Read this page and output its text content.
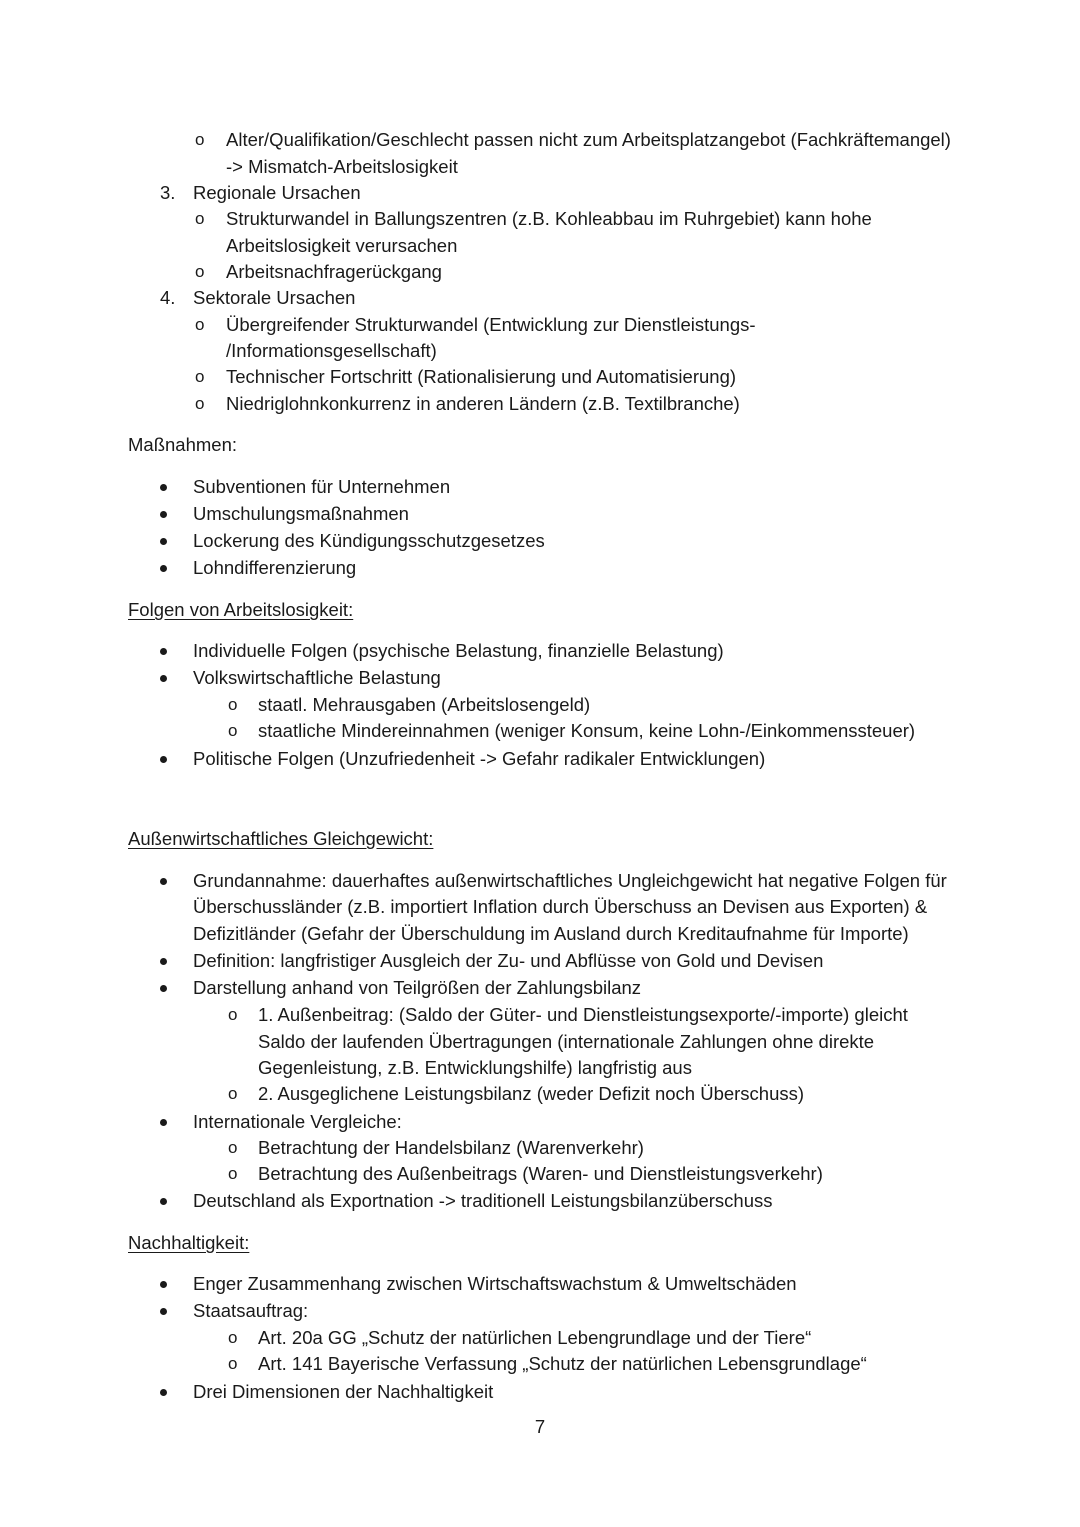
o Alter/Qualifikation/Geschlecht passen nicht zum Arbeitsplatzangebot (Fachkräftemangel)
-> Mismatch-Arbeitslosigkeit
3. Regionale Ursachen
o Strukturwandel in Ballungszentren (z.B. Kohleabbau im Ruhrgebiet) kann hohe
Arbeitslosigkeit verursachen
o Arbeitsnachfragerückgang
4. Sektorale Ursachen
o Übergreifender Strukturwandel (Entwicklung zur Dienstleistungs-
/Informationsgesellschaft)
o Technischer Fortschritt (Rationalisierung und Automatisierung)
o Niedriglohnkonkurrenz in anderen Ländern (z.B. Textilbranche)
Maßnahmen:
Subventionen für Unternehmen
Umschulungsmaßnahmen
Lockerung des Kündigungsschutzgesetzes
Lohndifferenzierung
Folgen von Arbeitslosigkeit:
Individuelle Folgen (psychische Belastung, finanzielle Belastung)
Volkswirtschaftliche Belastung
o staatl. Mehrausgaben (Arbeitslosengeld)
o staatliche Mindereinnahmen (weniger Konsum, keine Lohn-/Einkommenssteuer)
Politische Folgen (Unzufriedenheit -> Gefahr radikaler Entwicklungen)
Außenwirtschaftliches Gleichgewicht:
Grundannahme: dauerhaftes außenwirtschaftliches Ungleichgewicht hat negative Folgen für
Überschussländer (z.B. importiert Inflation durch Überschuss an Devisen aus Exporten) &
Defizitländer (Gefahr der Überschuldung im Ausland durch Kreditaufnahme für Importe)
Definition: langfristiger Ausgleich der Zu- und Abflüsse von Gold und Devisen
Darstellung anhand von Teilgrößen der Zahlungsbilanz
o 1. Außenbeitrag: (Saldo der Güter- und Dienstleistungsexporte/-importe) gleicht
Saldo der laufenden Übertragungen (internationale Zahlungen ohne direkte
Gegenleistung, z.B. Entwicklungshilfe) langfristig aus
o 2. Ausgeglichene Leistungsbilanz (weder Defizit noch Überschuss)
Internationale Vergleiche:
o Betrachtung der Handelsbilanz (Warenverkehr)
o Betrachtung des Außenbeitrags (Waren- und Dienstleistungsverkehr)
Deutschland als Exportnation -> traditionell Leistungsbilanzüberschuss
Nachhaltigkeit:
Enger Zusammenhang zwischen Wirtschaftswachstum & Umweltschäden
Staatsauftrag:
o Art. 20a GG „Schutz der natürlichen Lebengrundlage und der Tiere“
o Art. 141 Bayerische Verfassung „Schutz der natürlichen Lebensgrundlage“
Drei Dimensionen der Nachhaltigkeit
7
